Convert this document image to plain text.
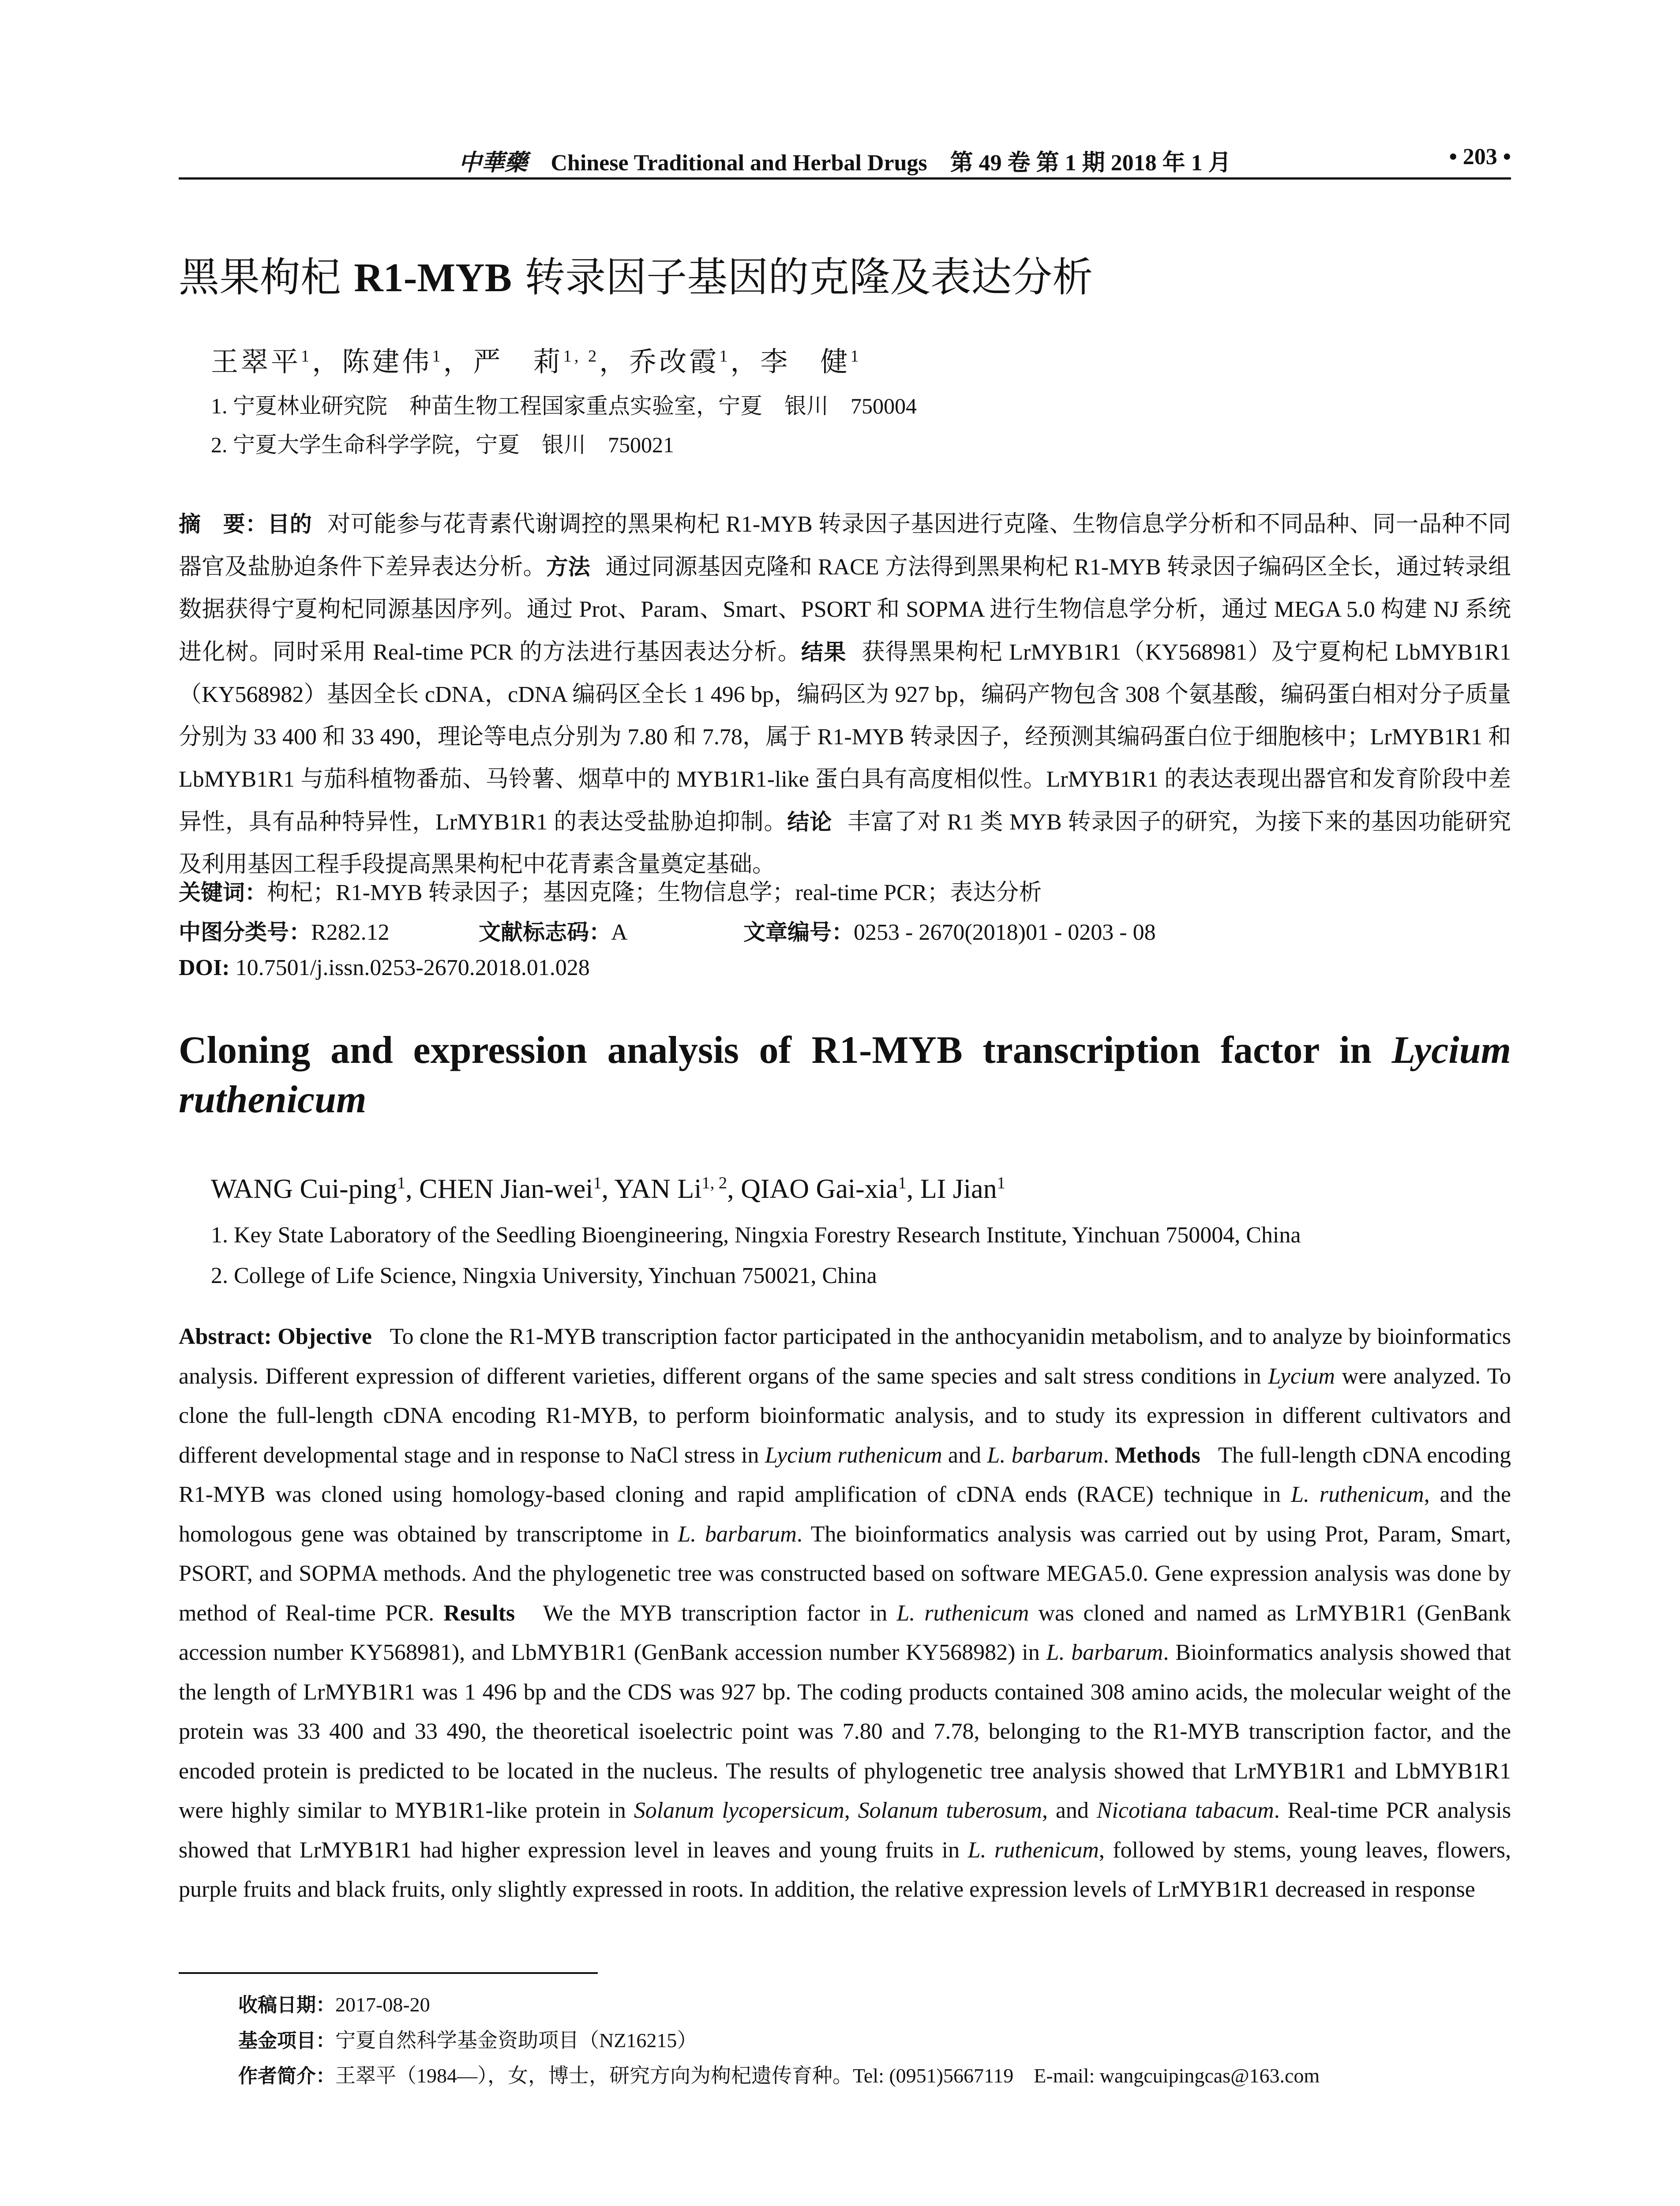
中華藥 Chinese Traditional and Herbal Drugs　第 49 卷 第 1 期 2018 年 1 月	• 203 •
黑果枸杞 R1-MYB 转录因子基因的克隆及表达分析
王翠平$^1$，陈建伟$^1$，严　莉$^{1, 2}$，乔改霞$^1$，李　健$^1$
1. 宁夏林业研究院　种苗生物工程国家重点实验室，宁夏　银川　750004
2. 宁夏大学生命科学学院，宁夏　银川　750021
摘　要：目的 对可能参与花青素代谢调控的黑果枸杞 R1-MYB 转录因子基因进行克隆、生物信息学分析和不同品种、同一品种不同器官及盐胁迫条件下差异表达分析。方法 通过同源基因克隆和 RACE 方法得到黑果枸杞 R1-MYB 转录因子编码区全长，通过转录组数据获得宁夏枸杞同源基因序列。通过 Prot、Param、Smart、PSORT 和 SOPMA 进行生物信息学分析，通过 MEGA 5.0 构建 NJ 系统进化树。同时采用 Real-time PCR 的方法进行基因表达分析。结果 获得黑果枸杞 LrMYB1R1（KY568981）及宁夏枸杞 LbMYB1R1（KY568982）基因全长 cDNA，cDNA 编码区全长 1 496 bp，编码区为 927 bp，编码产物包含 308 个氨基酸，编码蛋白相对分子质量分别为 33 400 和 33 490，理论等电点分别为 7.80 和 7.78，属于 R1-MYB 转录因子，经预测其编码蛋白位于细胞核中；LrMYB1R1 和 LbMYB1R1 与茄科植物番茄、马铃薯、烟草中的 MYB1R1-like 蛋白具有高度相似性。LrMYB1R1 的表达表现出器官和发育阶段中差异性，具有品种特异性，LrMYB1R1 的表达受盐胁迫抑制。结论 丰富了对 R1 类 MYB 转录因子的研究，为接下来的基因功能研究及利用基因工程手段提高黑果枸杞中花青素含量奠定基础。
关键词：枸杞；R1-MYB 转录因子；基因克隆；生物信息学；real-time PCR；表达分析
中图分类号：R282.12	文献标志码：A	文章编号：0253 - 2670(2018)01 - 0203 - 08
DOI: 10.7501/j.issn.0253-2670.2018.01.028
Cloning and expression analysis of R1-MYB transcription factor in Lycium ruthenicum
WANG Cui-ping$^1$, CHEN Jian-wei$^1$, YAN Li$^{1, 2}$, QIAO Gai-xia$^1$, LI Jian$^1$
1. Key State Laboratory of the Seedling Bioengineering, Ningxia Forestry Research Institute, Yinchuan 750004, China
2. College of Life Science, Ningxia University, Yinchuan 750021, China
Abstract: Objective To clone the R1-MYB transcription factor participated in the anthocyanidin metabolism, and to analyze by bioinformatics analysis. Different expression of different varieties, different organs of the same species and salt stress conditions in Lycium were analyzed. To clone the full-length cDNA encoding R1-MYB, to perform bioinformatic analysis, and to study its expression in different cultivators and different developmental stage and in response to NaCl stress in Lycium ruthenicum and L. barbarum. Methods The full-length cDNA encoding R1-MYB was cloned using homology-based cloning and rapid amplification of cDNA ends (RACE) technique in L. ruthenicum, and the homologous gene was obtained by transcriptome in L. barbarum. The bioinformatics analysis was carried out by using Prot, Param, Smart, PSORT, and SOPMA methods. And the phylogenetic tree was constructed based on software MEGA5.0. Gene expression analysis was done by method of Real-time PCR. Results We the MYB transcription factor in L. ruthenicum was cloned and named as LrMYB1R1 (GenBank accession number KY568981), and LbMYB1R1 (GenBank accession number KY568982) in L. barbarum. Bioinformatics analysis showed that the length of LrMYB1R1 was 1 496 bp and the CDS was 927 bp. The coding products contained 308 amino acids, the molecular weight of the protein was 33 400 and 33 490, the theoretical isoelectric point was 7.80 and 7.78, belonging to the R1-MYB transcription factor, and the encoded protein is predicted to be located in the nucleus. The results of phylogenetic tree analysis showed that LrMYB1R1 and LbMYB1R1 were highly similar to MYB1R1-like protein in Solanum lycopersicum, Solanum tuberosum, and Nicotiana tabacum. Real-time PCR analysis showed that LrMYB1R1 had higher expression level in leaves and young fruits in L. ruthenicum, followed by stems, young leaves, flowers, purple fruits and black fruits, only slightly expressed in roots. In addition, the relative expression levels of LrMYB1R1 decreased in response
收稿日期：2017-08-20
基金项目：宁夏自然科学基金资助项目（NZ16215）
作者简介：王翠平（1984—），女，博士，研究方向为枸杞遗传育种。Tel: (0951)5667119　E-mail: wangcuipingcas@163.com
